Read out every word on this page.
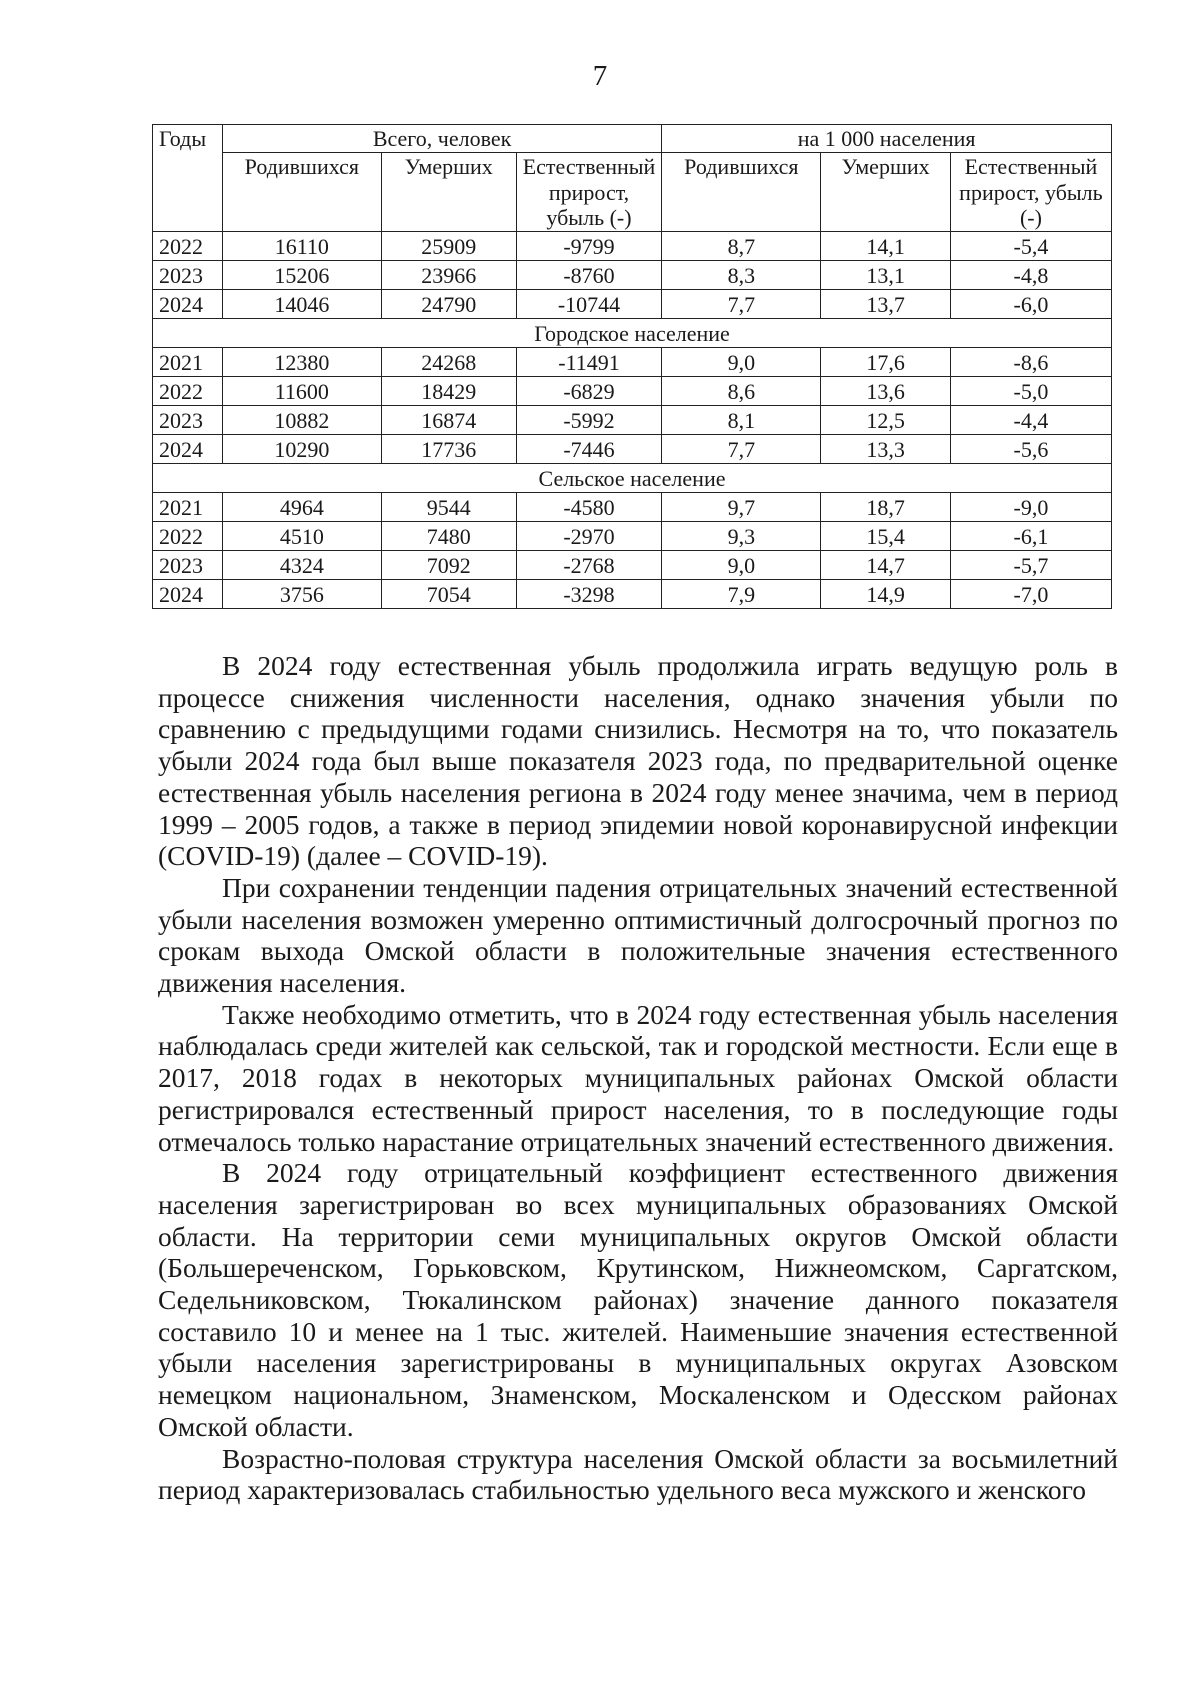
7
Годы	Всего, человек			на 1 000 населения		
	Родившихся	Умерших	Естественный прирост, убыль (-)	Родившихся	Умерших	Естественный прирост, убыль (-)
2022	16110	25909	-9799	8,7	14,1	-5,4
2023	15206	23966	-8760	8,3	13,1	-4,8
2024	14046	24790	-10744	7,7	13,7	-6,0
Городское население						
2021	12380	24268	-11491	9,0	17,6	-8,6
2022	11600	18429	-6829	8,6	13,6	-5,0
2023	10882	16874	-5992	8,1	12,5	-4,4
2024	10290	17736	-7446	7,7	13,3	-5,6
Сельское население						
2021	4964	9544	-4580	9,7	18,7	-9,0
2022	4510	7480	-2970	9,3	15,4	-6,1
2023	4324	7092	-2768	9,0	14,7	-5,7
2024	3756	7054	-3298	7,9	14,9	-7,0

В 2024 году естественная убыль продолжила играть ведущую роль в процессе снижения численности населения, однако значения убыли по сравнению с предыдущими годами снизились. Несмотря на то, что показатель убыли 2024 года был выше показателя 2023 года, по предварительной оценке естественная убыль населения региона в 2024 году менее значима, чем в период 1999 – 2005 годов, а также в период эпидемии новой коронавирусной инфекции (COVID-19) (далее – COVID-19).

При сохранении тенденции падения отрицательных значений естественной убыли населения возможен умеренно оптимистичный долгосрочный прогноз по срокам выхода Омской области в положительные значения естественного движения населения.

Также необходимо отметить, что в 2024 году естественная убыль населения наблюдалась среди жителей как сельской, так и городской местности. Если еще в 2017, 2018 годах в некоторых муниципальных районах Омской области регистрировался естественный прирост населения, то в последующие годы отмечалось только нарастание отрицательных значений естественного движения.

В 2024 году отрицательный коэффициент естественного движения населения зарегистрирован во всех муниципальных образованиях Омской области. На территории семи муниципальных округов Омской области (Большереченском, Горьковском, Крутинском, Нижнеомском, Саргатском, Седельниковском, Тюкалинском районах) значение данного показателя составило 10 и менее на 1 тыс. жителей. Наименьшие значения естественной убыли населения зарегистрированы в муниципальных округах Азовском немецком национальном, Знаменском, Москаленском и Одесском районах Омской области.

Возрастно-половая структура населения Омской области за восьмилетний период характеризовалась стабильностью удельного веса мужского и женского
